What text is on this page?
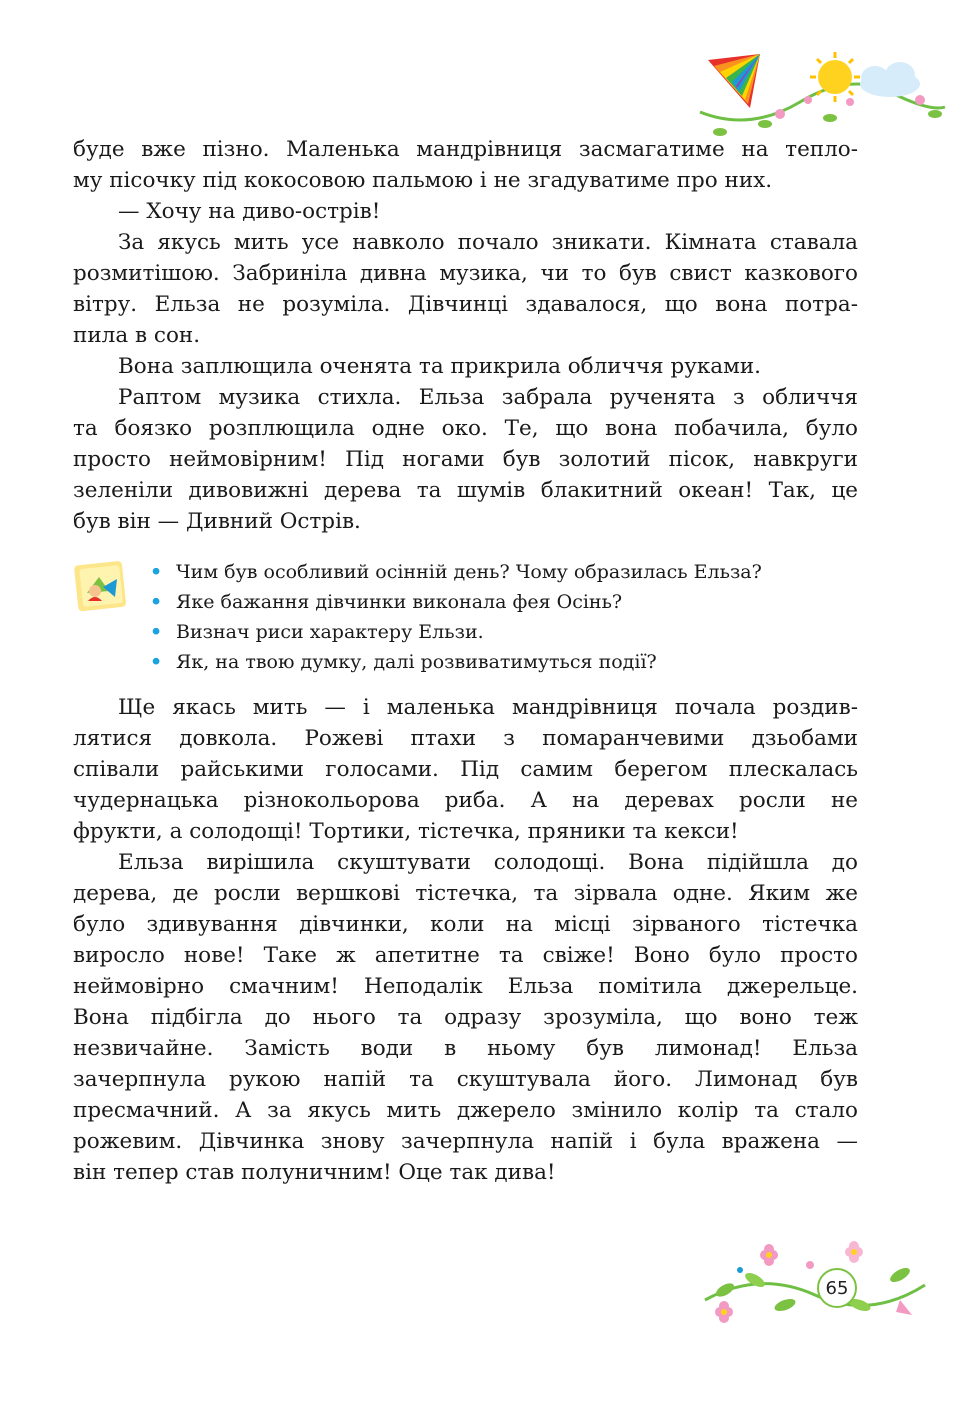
буде вже пізно. Маленька мандрівниця засмагатиме на тепло-
му пісочку під кокосовою пальмою і не згадуватиме про них.
— Хочу на диво-острів!
За якусь мить усе навколо почало зникати. Кімната ставала
розмитішою. Забриніла дивна музика, чи то був свист казкового
вітру. Ельза не розуміла. Дівчинці здавалося, що вона потра-
пила в сон.
Вона заплющила оченята та прикрила обличчя руками.
Раптом музика стихла. Ельза забрала рученята з обличчя
та боязко розплющила одне око. Те, що вона побачила, було
просто неймовірним! Під ногами був золотий пісок, навкруги
зеленіли дивовижні дерева та шумів блакитний океан! Так, це
був він — Дивний Острів.
• Чим був особливий осінній день? Чому образилась Ельза?
• Яке бажання дівчинки виконала фея Осінь?
• Визнач риси характеру Ельзи.
• Як, на твою думку, далі розвиватимуться події?
Ще якась мить — і маленька мандрівниця почала роздив-
лятися довкола. Рожеві птахи з помаранчевими дзьобами
співали райськими голосами. Під самим берегом плескалась
чудернацька різнокольорова риба. А на деревах росли не
фрукти, а солодощі! Тортики, тістечка, пряники та кекси!
Ельза вирішила скуштувати солодощі. Вона підійшла до
дерева, де росли вершкові тістечка, та зірвала одне. Яким же
було здивування дівчинки, коли на місці зірваного тістечка
виросло нове! Таке ж апетитне та свіже! Воно було просто
неймовірно смачним! Неподалік Ельза помітила джерельце.
Вона підбігла до нього та одразу зрозуміла, що воно теж
незвичайне. Замість води в ньому був лимонад! Ельза
зачерпнула рукою напій та скуштувала його. Лимонад був
пресмачний. А за якусь мить джерело змінило колір та стало
рожевим. Дівчинка знову зачерпнула напій і була вражена —
він тепер став полуничним! Оце так дива!
65
